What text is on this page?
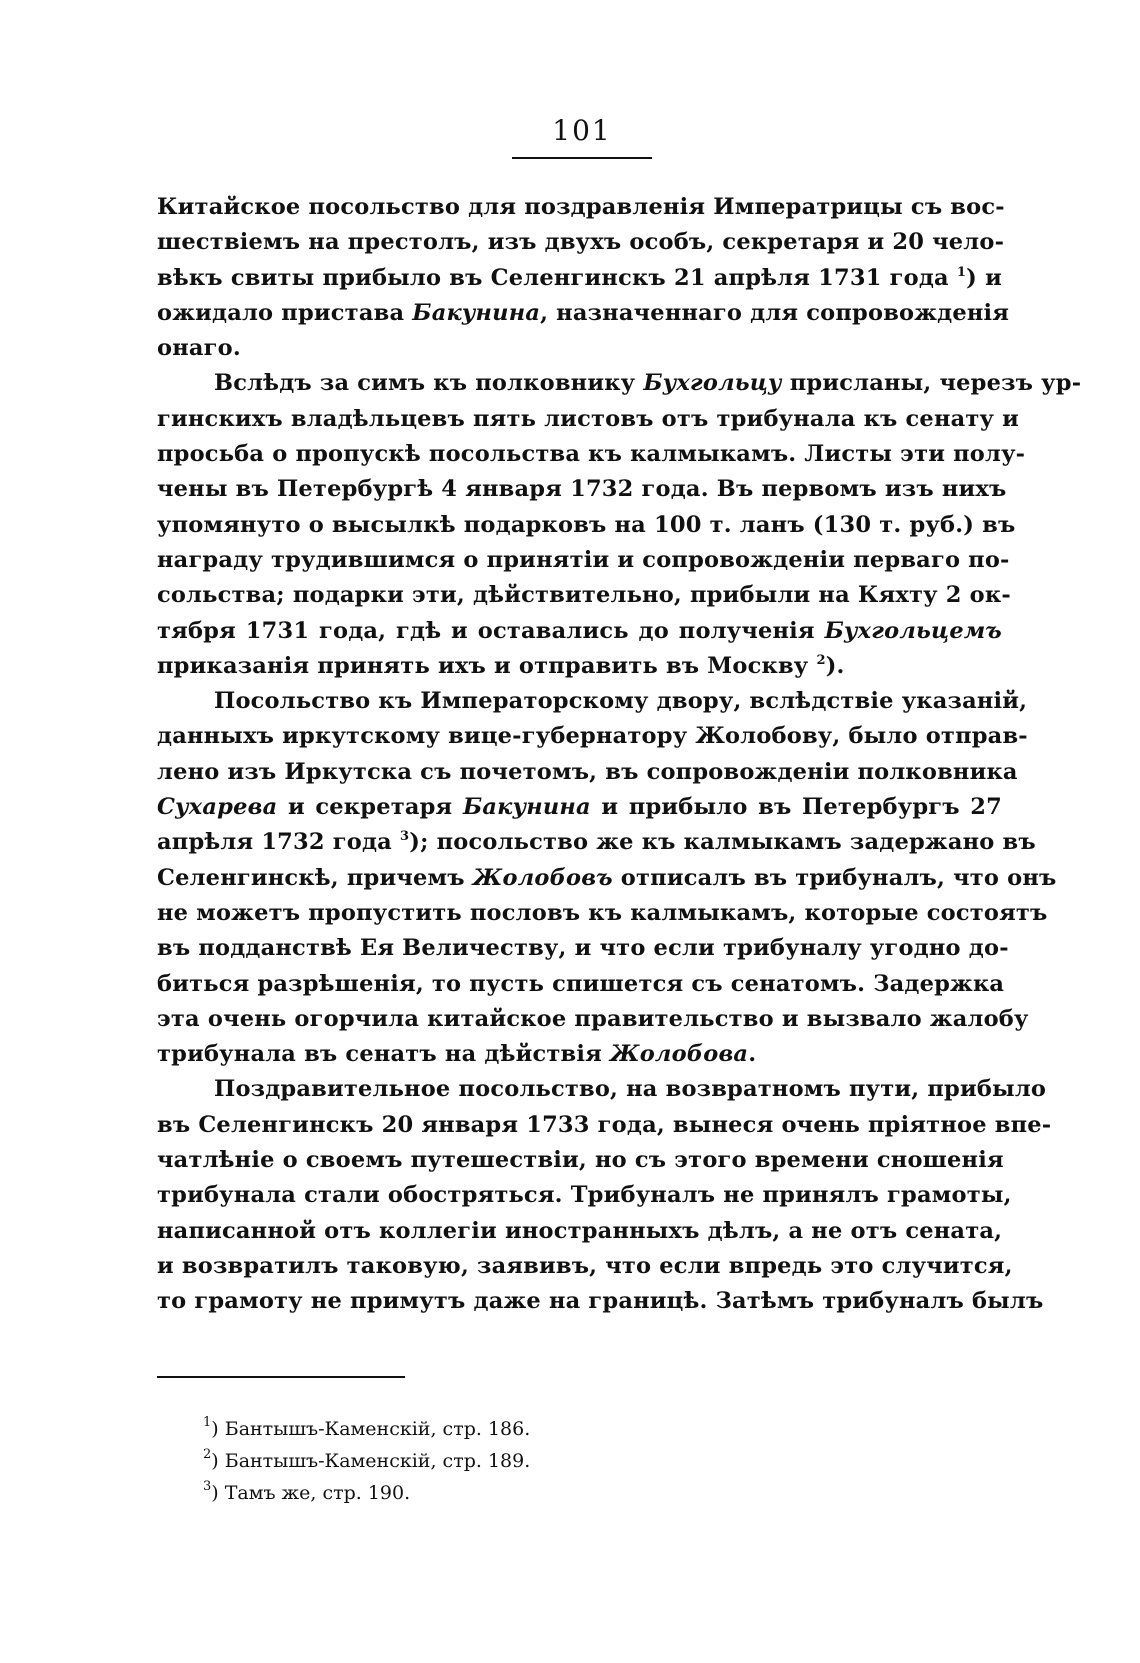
101

Китайское посольство для поздравленія Императрицы съ вос-
шествіемъ на престолъ, изъ двухъ особъ, секретаря и 20 чело-
вѣкъ свиты прибыло въ Селенгинскъ 21 апрѣля 1731 года $^1$) и
ожидало пристава Бакунина, назначеннаго для сопровожденія
онаго.

Вслѣдъ за симъ къ полковнику Бухгольцу присланы, черезъ ур-
гинскихъ владѣльцевъ пять листовъ отъ трибунала къ сенату и
просьба о пропускѣ посольства къ калмыкамъ. Листы эти полу-
чены въ Петербургѣ 4 января 1732 года. Въ первомъ изъ нихъ
упомянуто о высылкѣ подарковъ на 100 т. ланъ (130 т. руб.) въ
награду трудившимся о принятіи и сопровожденіи перваго по-
сольства; подарки эти, дѣйствительно, прибыли на Кяхту 2 ок-
тября 1731 года, гдѣ и оставались до полученія Бухгольцемъ
приказанія принять ихъ и отправить въ Москву $^2$).

Посольство къ Императорскому двору, вслѣдствіе указаній,
данныхъ иркутскому вице-губернатору Жолобову, было отправ-
лено изъ Иркутска съ почетомъ, въ сопровожденіи полковника
Сухарева и секретаря Бакунина и прибыло въ Петербургъ 27
апрѣля 1732 года $^3$); посольство же къ калмыкамъ задержано въ
Селенгинскѣ, причемъ Жолобовъ отписалъ въ трибуналъ, что онъ
не можетъ пропустить пословъ къ калмыкамъ, которые состоятъ
въ подданствѣ Ея Величеству, и что если трибуналу угодно до-
биться разрѣшенія, то пусть спишется съ сенатомъ. Задержка
эта очень огорчила китайское правительство и вызвало жалобу
трибунала въ сенатъ на дѣйствія Жолобова.

Поздравительное посольство, на возвратномъ пути, прибыло
въ Селенгинскъ 20 января 1733 года, вынеся очень пріятное впе-
чатлѣніе о своемъ путешествіи, но съ этого времени сношенія
трибунала стали обостряться. Трибуналъ не принялъ грамоты,
написанной отъ коллегіи иностранныхъ дѣлъ, а не отъ сената,
и возвратилъ таковую, заявивъ, что если впредь это случится,
то грамоту не примутъ даже на границѣ. Затѣмъ трибуналъ былъ

$^1$) Бантышъ-Каменскій, стр. 186.
$^2$) Бантышъ-Каменскій, стр. 189.
$^3$) Тамъ же, стр. 190.
